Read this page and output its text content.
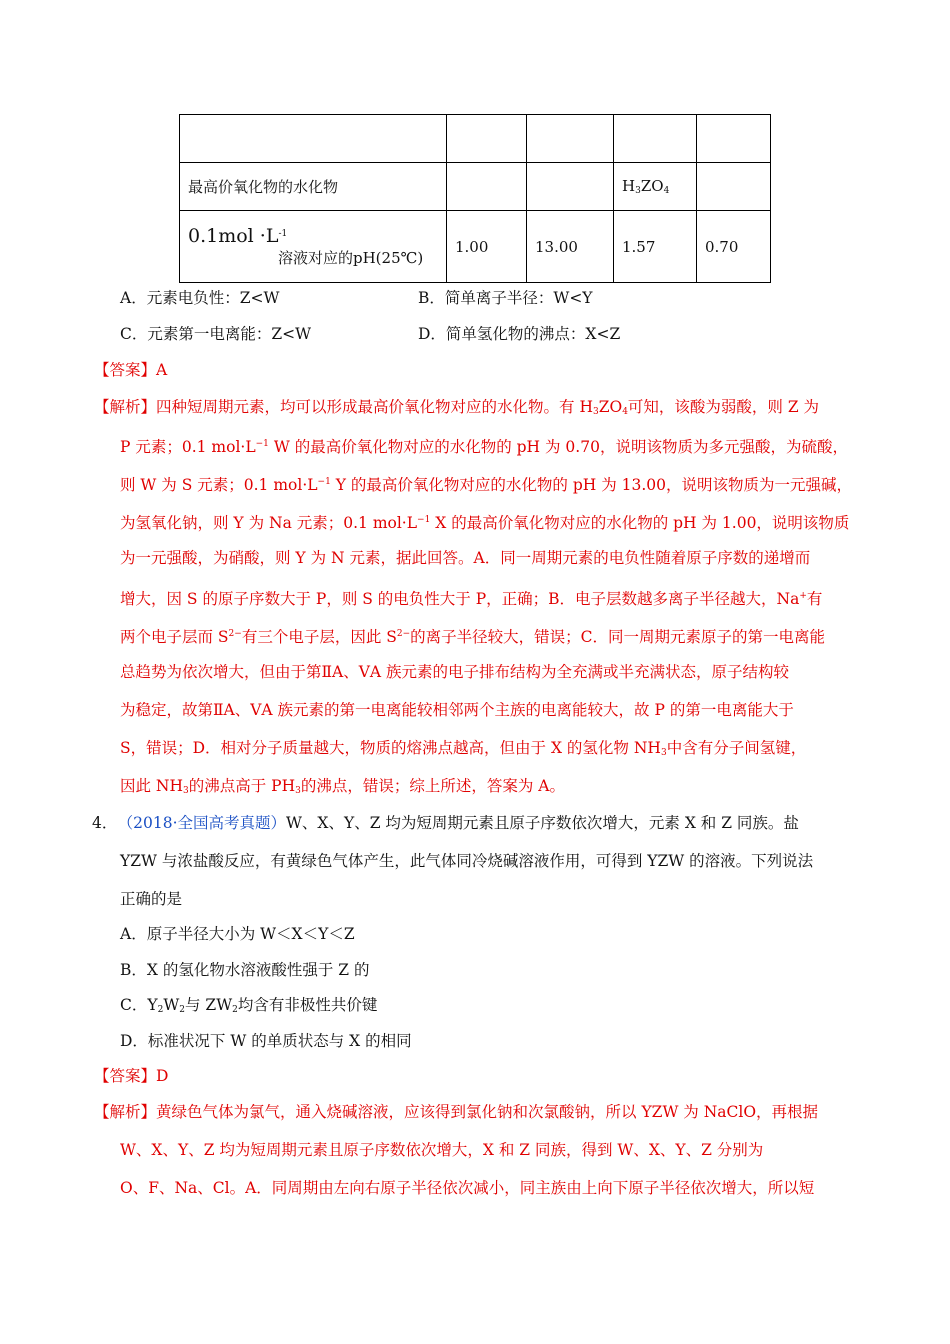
最高价氧化物的水化物			$H_3ZO_4$	
$0.1mol \cdot L^{-1}$
溶液对应的pH(25℃)	1.00	13.00	1.57	0.70
A．元素电负性：Z<W	B．简单离子半径：W<Y
C．元素第一电离能：Z<W	D．简单氢化物的沸点：X<Z
【答案】A
【解析】四种短周期元素，均可以形成最高价氧化物对应的水化物。有 $H_3ZO_4$可知，该酸为弱酸，则 Z 为
P 元素；0.1 $mol\cdot L^{-1}$ W 的最高价氧化物对应的水化物的 pH 为 0.70，说明该物质为多元强酸，为硫酸，
则 W 为 S 元素；0.1 $mol\cdot L^{-1}$ Y 的最高价氧化物对应的水化物的 pH 为 13.00，说明该物质为一元强碱，
为氢氧化钠，则 Y 为 Na 元素；0.1 $mol\cdot L^{-1}$ X 的最高价氧化物对应的水化物的 pH 为 1.00，说明该物质
为一元强酸，为硝酸，则 Y 为 N 元素，据此回答。A．同一周期元素的电负性随着原子序数的递增而
增大，因 S 的原子序数大于 P，则 S 的电负性大于 P，正确；B．电子层数越多离子半径越大，Na+有
两个电子层而 $S^{2-}$有三个电子层，因此 $S^{2-}$的离子半径较大，错误；C．同一周期元素原子的第一电离能
总趋势为依次增大，但由于第ⅡA、ⅤA 族元素的电子排布结构为全充满或半充满状态，原子结构较
为稳定，故第ⅡA、ⅤA 族元素的第一电离能较相邻两个主族的电离能较大，故 P 的第一电离能大于
S，错误；D．相对分子质量越大，物质的熔沸点越高，但由于 X 的氢化物 $NH_3$中含有分子间氢键，
因此 $NH_3$的沸点高于 $PH_3$的沸点，错误；综上所述，答案为 A。
4． （2018·全国高考真题）W、X、Y、Z 均为短周期元素且原子序数依次增大，元素 X 和 Z 同族。盐
YZW 与浓盐酸反应，有黄绿色气体产生，此气体同冷烧碱溶液作用，可得到 YZW 的溶液。下列说法
正确的是
A．原子半径大小为 W＜X＜Y＜Z
B．X 的氢化物水溶液酸性强于 Z 的
C．$Y_2W_2$与 $ZW_2$均含有非极性共价键
D．标准状况下 W 的单质状态与 X 的相同
【答案】D
【解析】黄绿色气体为氯气，通入烧碱溶液，应该得到氯化钠和次氯酸钠，所以 YZW 为 NaClO，再根据
W、X、Y、Z 均为短周期元素且原子序数依次增大，X 和 Z 同族，得到 W、X、Y、Z 分别为
O、F、Na、Cl。A．同周期由左向右原子半径依次减小，同主族由上向下原子半径依次增大，所以短
